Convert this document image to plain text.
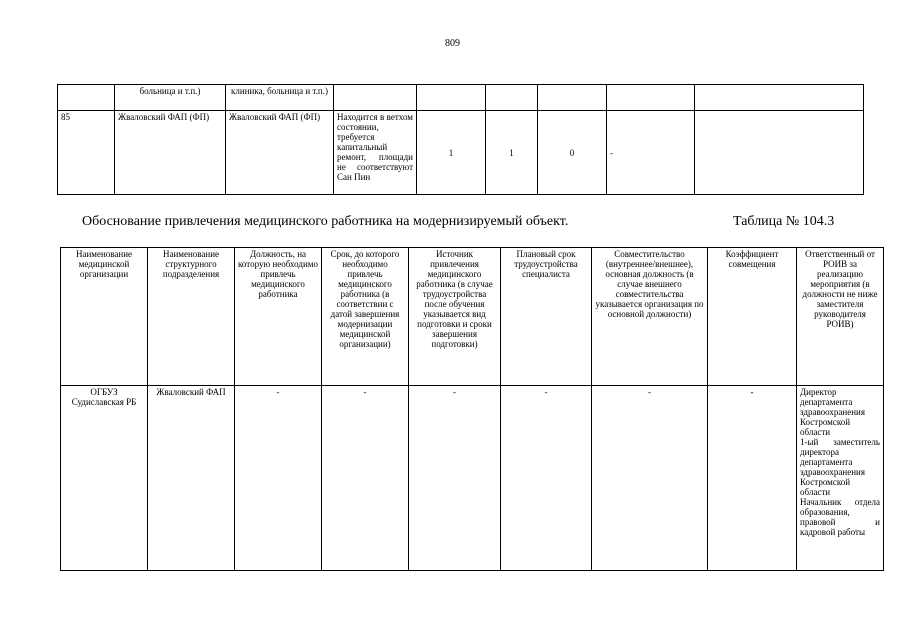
809
	больница и т.п.)	клиника, больница и т.п.)						
85	Жваловский ФАП (ФП)	Жваловский ФАП (ФП)	Находится в ветхом состоянии, требуется капитальный ремонт, площади не соответствуют Сан Пин	1	1	0	-	
Обоснование привлечения медицинского работника на модернизируемый объект.	Таблица № 104.3
Наименование медицинской организации	Наименование структурного подразделения	Должность, на которую необходимо привлечь медицинского работника	Срок, до которого необходимо привлечь медицинского работника (в соответствии с датой завершения модернизации медицинской организации)	Источник привлечения медицинского работника (в случае трудоустройства после обучения указывается вид подготовки и сроки завершения подготовки)	Плановый срок трудоустройства специалиста	Совместительство (внутреннее/внешнее), основная должность (в случае внешнего совместительства указывается организация по основной должности)	Коэффициент совмещения	Ответственный от РОИВ за реализацию мероприятия (в должности не ниже заместителя руководителя РОИВ)
ОГБУЗ Судиславская РБ	Жваловский ФАП	-	-	-	-	-	-	Директор департамента здравоохранения Костромской области
1-ый заместитель директора департамента здравоохранения Костромской области
Начальник отдела образования, правовой и кадровой работы
